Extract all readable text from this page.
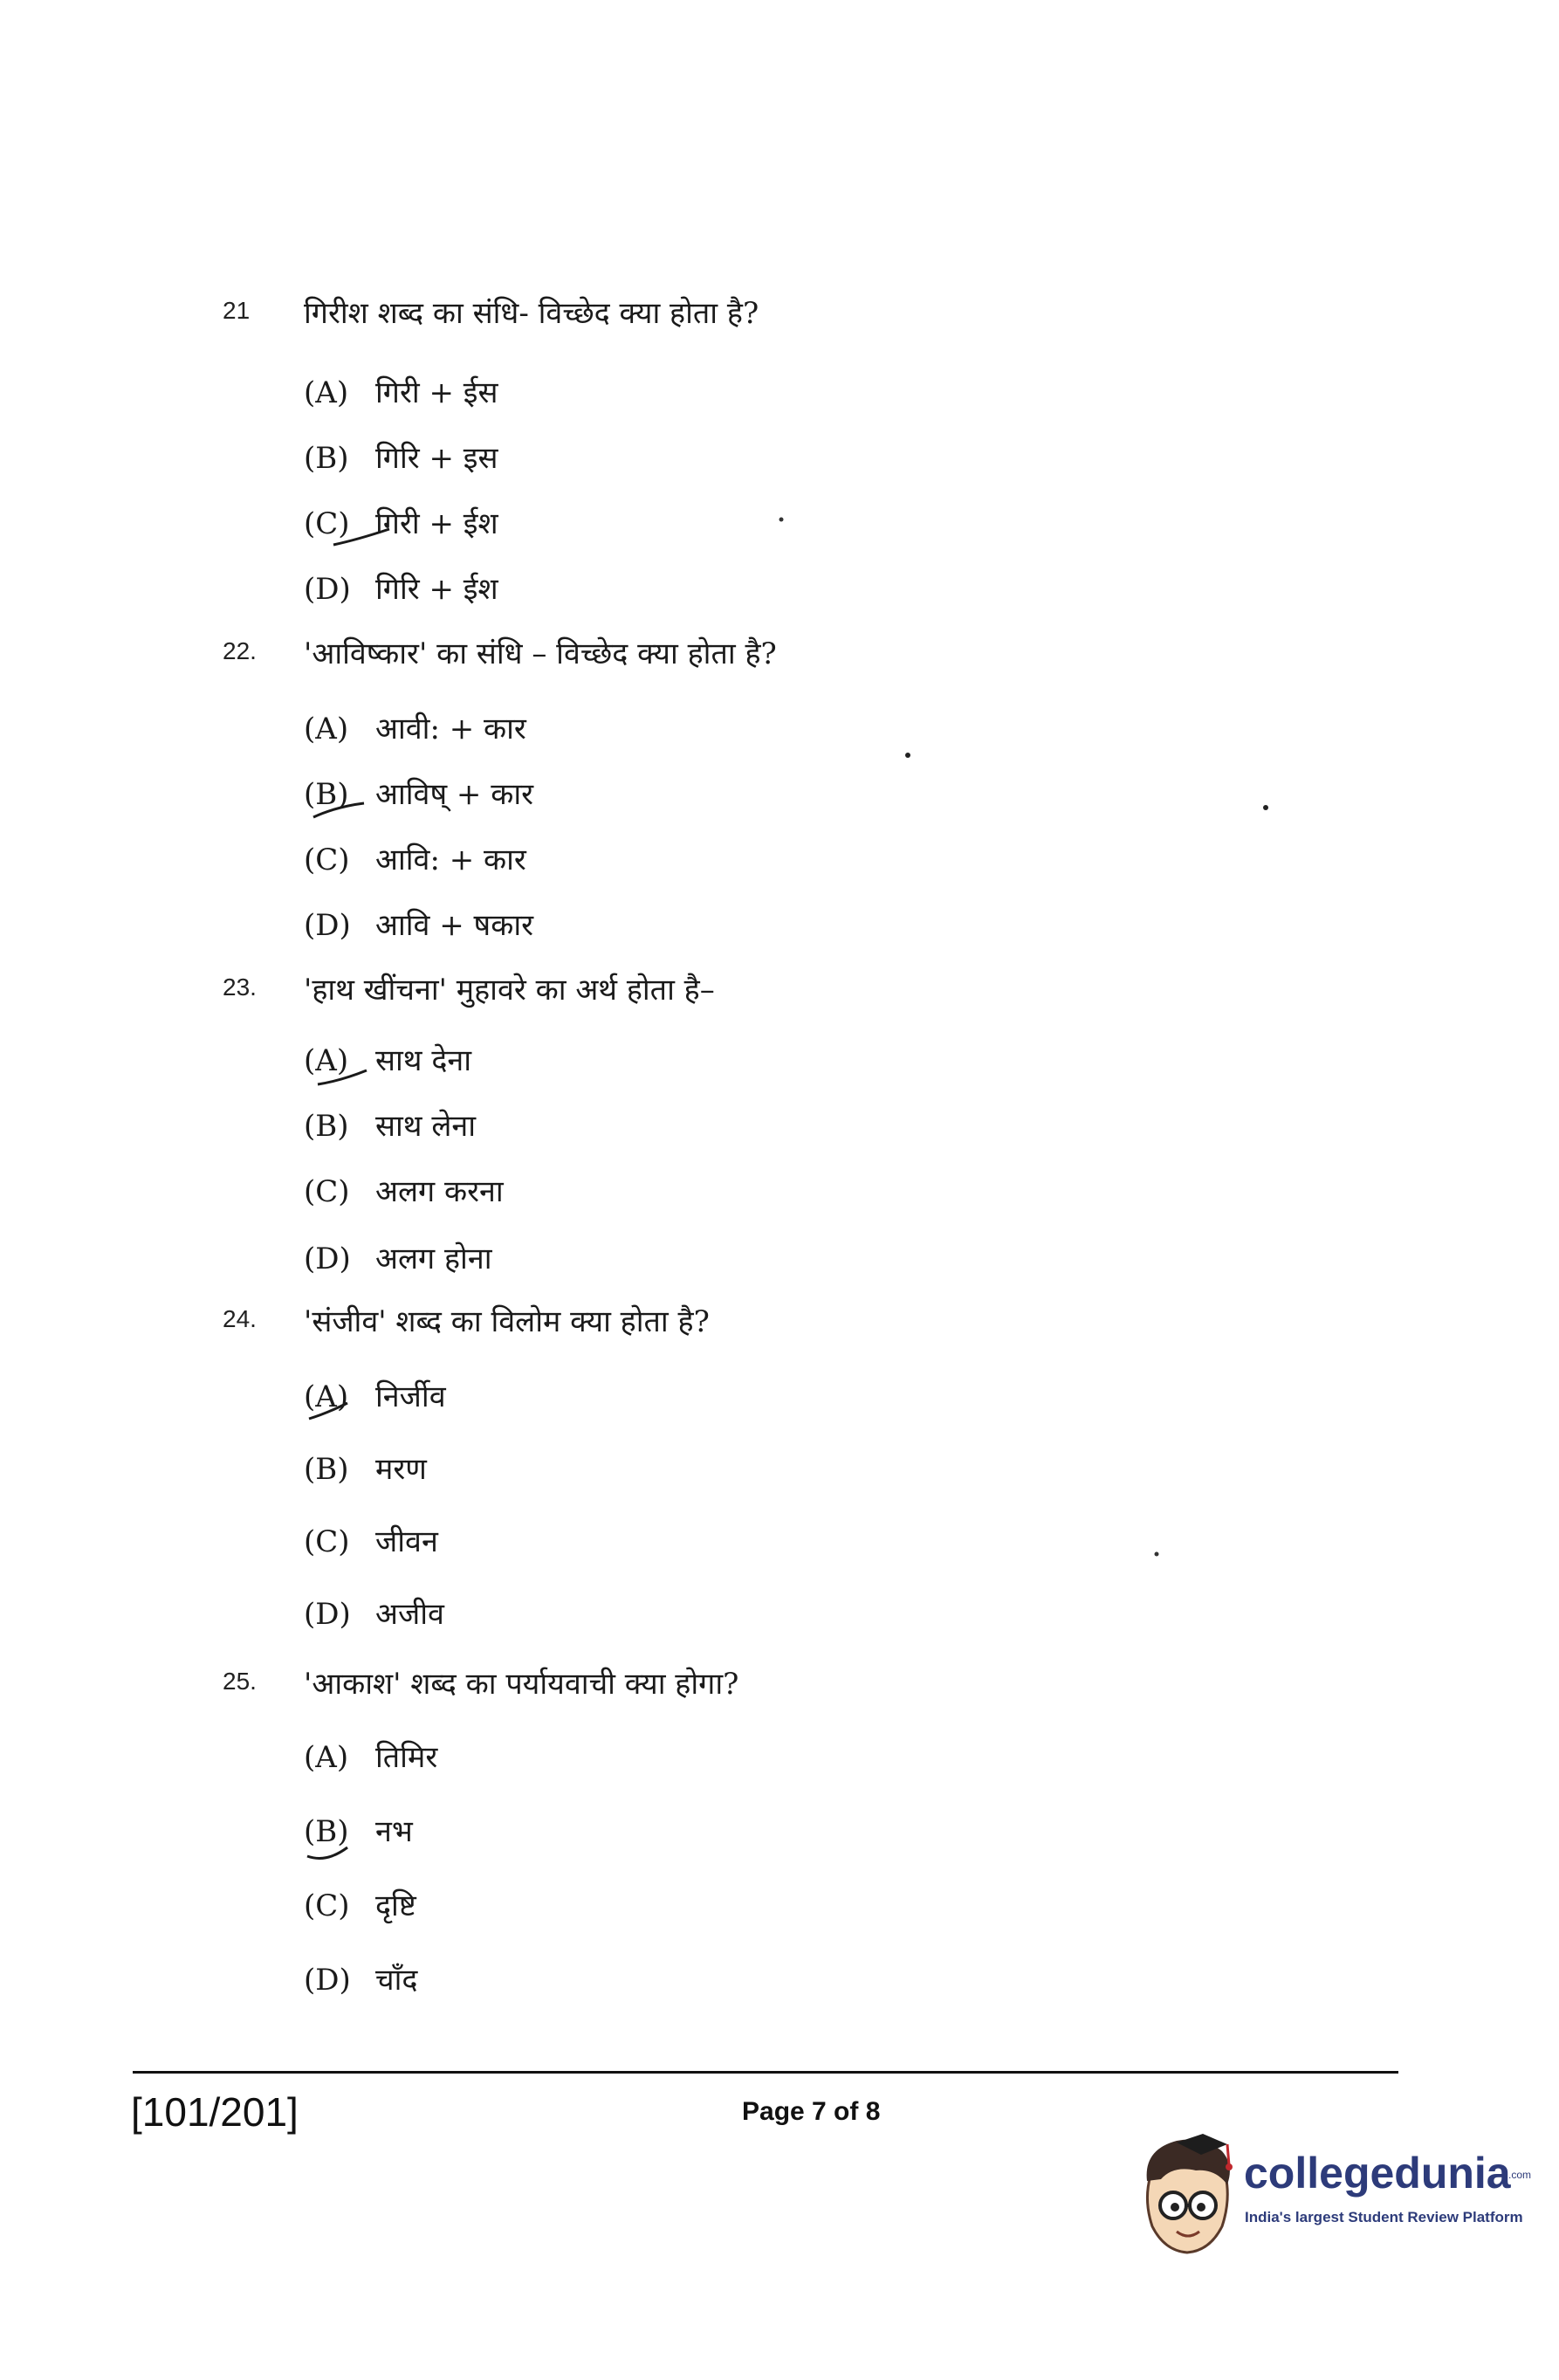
21 गिरीश शब्द का संधि- विच्छेद क्या होता है?
(A) गिरी + ईस
(B) गिरि + इस
(C) गिरी + ईश
(D) गिरि + ईश
22. 'आविष्कार' का संधि – विच्छेद क्या होता है?
(A) आवी: + कार
(B) आविष् + कार
(C) आवि: + कार
(D) आवि + षकार
23. 'हाथ खींचना' मुहावरे का अर्थ होता है–
(A) साथ देना
(B) साथ लेना
(C) अलग करना
(D) अलग होना
24. 'संजीव' शब्द का विलोम क्या होता है?
(A) निर्जीव
(B) मरण
(C) जीवन
(D) अजीव
25. 'आकाश' शब्द का पर्यायवाची क्या होगा?
(A) तिमिर
(B) नभ
(C) दृष्टि
(D) चाँद
[101/201]	Page 7 of 8
collegedunia
.com
India's largest Student Review Platform
